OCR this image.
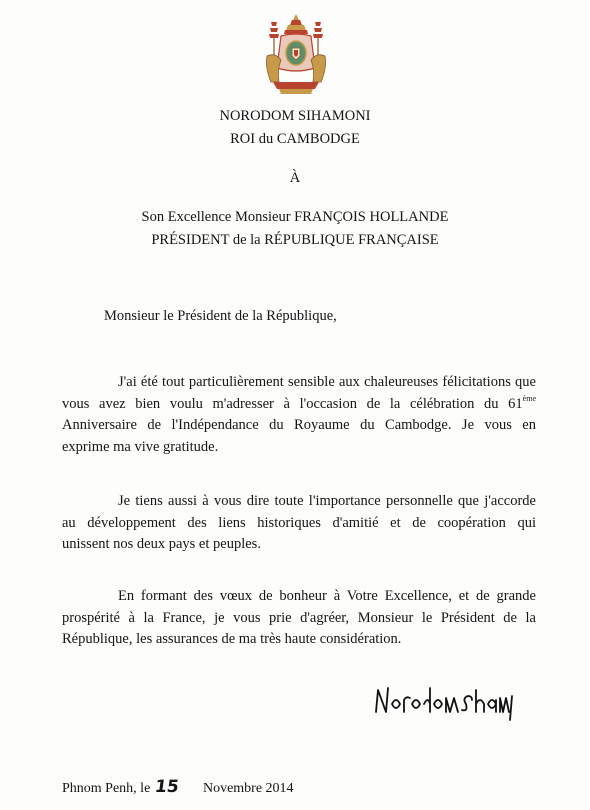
NORODOM SIHAMONI
ROI du CAMBODGE
À
Son Excellence Monsieur FRANÇOIS HOLLANDE
PRÉSIDENT de la RÉPUBLIQUE FRANÇAISE
Monsieur le Président de la République,
J'ai été tout particulièrement sensible aux chaleureuses félicitations que
vous avez bien voulu m'adresser à l'occasion de la célébration du 61ème
Anniversaire de l'Indépendance du Royaume du Cambodge. Je vous en
exprime ma vive gratitude.
Je tiens aussi à vous dire toute l'importance personnelle que j'accorde
au développement des liens historiques d'amitié et de coopération qui
unissent nos deux pays et peuples.
En formant des vœux de bonheur à Votre Excellence, et de grande
prospérité à la France, je vous prie d'agréer, Monsieur le Président de la
République, les assurances de ma très haute considération.
Phnom Penh, le 15 Novembre 2014
